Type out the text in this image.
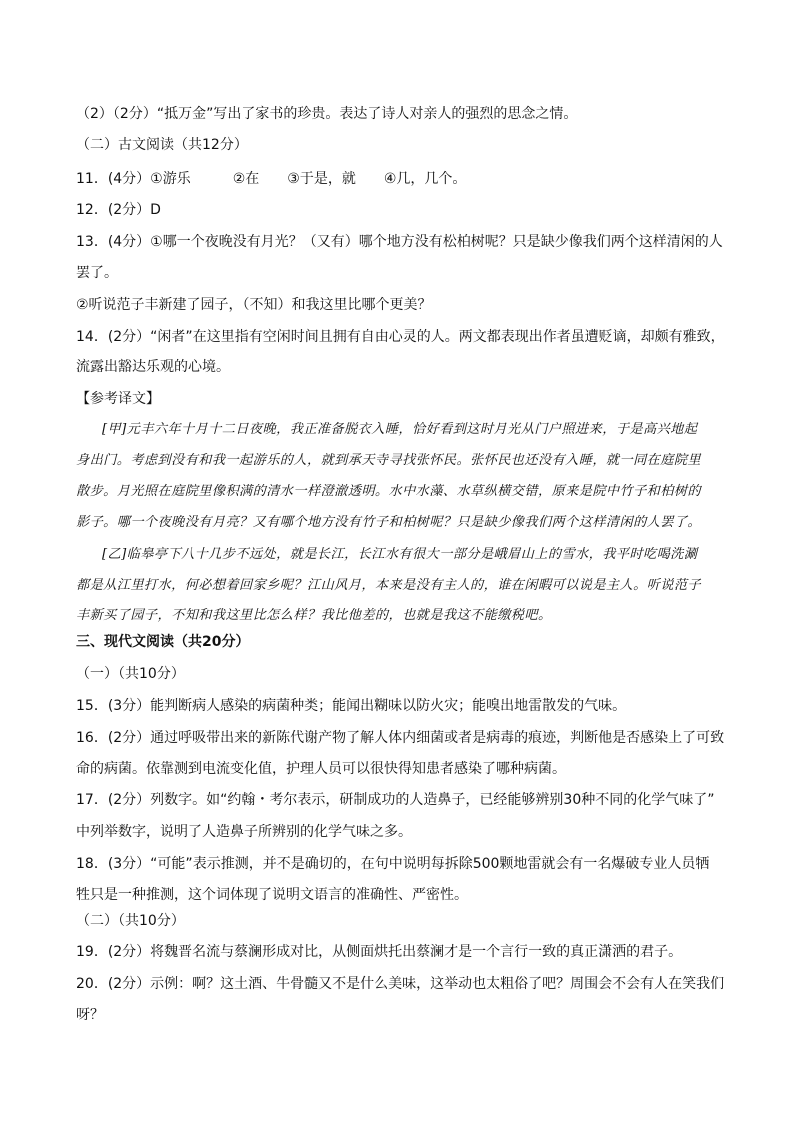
（2）（2分）“抵万金”写出了家书的珍贵。表达了诗人对亲人的强烈的思念之情。
（二）古文阅读（共12分）
11．(4分）①游乐　　　②在　　③于是，就　　④几，几个。
12．(2分）D
13．(4分）①哪一个夜晚没有月光？（又有）哪个地方没有松柏树呢？只是缺少像我们两个这样清闲的人
罢了。
②听说范子丰新建了园子，（不知）和我这里比哪个更美？
14．(2分）“闲者”在这里指有空闲时间且拥有自由心灵的人。两文都表现出作者虽遭贬谪，却颇有雅致，
流露出豁达乐观的心境。
【参考译文】
[甲]元丰六年十月十二日夜晚，我正准备脱衣入睡，恰好看到这时月光从门户照进来，于是高兴地起
身出门。考虑到没有和我一起游乐的人，就到承天寺寻找张怀民。张怀民也还没有入睡，就一同在庭院里
散步。月光照在庭院里像积满的清水一样澄澈透明。水中水藻、水草纵横交错，原来是院中竹子和柏树的
影子。哪一个夜晚没有月亮？又有哪个地方没有竹子和柏树呢？只是缺少像我们两个这样清闲的人罢了。
[乙]临皋亭下八十几步不远处，就是长江，长江水有很大一部分是峨眉山上的雪水，我平时吃喝洗涮
都是从江里打水，何必想着回家乡呢？江山风月，本来是没有主人的，谁在闲暇可以说是主人。听说范子
丰新买了园子，不知和我这里比怎么样？我比他差的，也就是我这不能缴税吧。
三、现代文阅读（共20分）
（一）（共10分）
15．(3分）能判断病人感染的病菌种类；能闻出糊味以防火灾；能嗅出地雷散发的气味。
16．(2分）通过呼吸带出来的新陈代谢产物了解人体内细菌或者是病毒的痕迹，判断他是否感染上了可致
命的病菌。依靠测到电流变化值，护理人员可以很快得知患者感染了哪种病菌。
17．(2分）列数字。如“约翰・考尔表示，研制成功的人造鼻子，已经能够辨别30种不同的化学气味了”
中列举数字，说明了人造鼻子所辨别的化学气味之多。
18．(3分）“可能”表示推测，并不是确切的，在句中说明每拆除500颗地雷就会有一名爆破专业人员牺
牲只是一种推测，这个词体现了说明文语言的准确性、严密性。
（二）（共10分）
19．(2分）将魏晋名流与蔡澜形成对比，从侧面烘托出蔡澜才是一个言行一致的真正潇洒的君子。
20．(2分）示例：啊？这土酒、牛骨髓又不是什么美味，这举动也太粗俗了吧？周围会不会有人在笑我们
呀？
